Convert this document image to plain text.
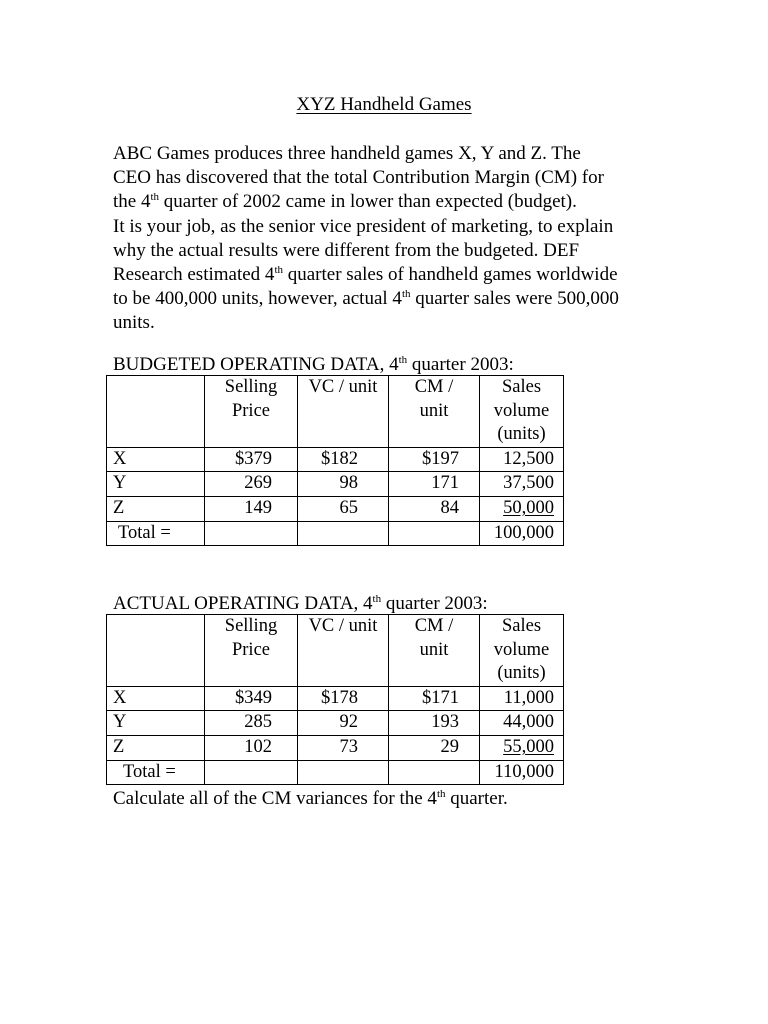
XYZ Handheld Games
ABC Games produces three handheld games X, Y and Z. The
CEO has discovered that the total Contribution Margin (CM) for
the 4th quarter of 2002 came in lower than expected (budget).
It is your job, as the senior vice president of marketing, to explain
why the actual results were different from the budgeted. DEF
Research estimated 4th quarter sales of handheld games worldwide
to be 400,000 units, however, actual 4th quarter sales were 500,000
units.
BUDGETED OPERATING DATA, 4th quarter 2003:
	Selling
Price	VC / unit	CM /
unit	Sales
volume
(units)
X	$379	$182	$197	12,500
Y	269	98	171	37,500
Z	149	65	84	50,000
Total =				100,000
ACTUAL OPERATING DATA, 4th quarter 2003:
	Selling
Price	VC / unit	CM /
unit	Sales
volume
(units)
X	$349	$178	$171	11,000
Y	285	92	193	44,000
Z	102	73	29	55,000
Total =				110,000
Calculate all of the CM variances for the 4th quarter.
